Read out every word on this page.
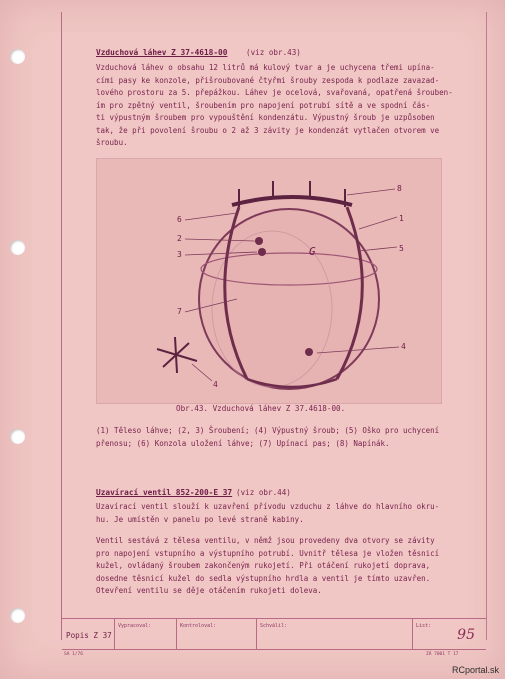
Vzduchová láhev Z 37-4618-00 (viz obr.43)
Vzduchová láhev o obsahu 12 litrů má kulový tvar a je uchycena třemi upína-
cími pasy ke konzole, přišroubované čtyřmi šrouby zespoda k podlaze zavazad-
lového prostoru za 5. přepážkou. Láhev je ocelová, svařovaná, opatřená šrouben-
ím pro zpětný ventil, šroubením pro napojení potrubí sítě a ve spodní čás-
ti výpustným šroubem pro vypouštění kondenzátu. Výpustný šroub je uzpůsoben
tak, že při povolení šroubu o 2 až 3 závity je kondenzát vytlačen otvorem ve
šroubu.
8
6
2
3
7
4
1
5
4
G
Obr.43. Vzduchová láhev Z 37.4618-00.
(1) Těleso láhve; (2, 3) Šroubení; (4) Výpustný šroub; (5) Oško pro uchycení
přenosu; (6) Konzola uložení láhve; (7) Upínací pas; (8) Napínák.
Uzavírací ventil 852-200-E 37 (viz obr.44)
Uzavírací ventil slouží k uzavření přívodu vzduchu z láhve do hlavního okru-
hu. Je umístěn v panelu po levé straně kabiny.
Ventil sestává z tělesa ventilu, v němž jsou provedeny dva otvory se závity
pro napojení vstupního a výstupního potrubí. Uvnitř tělesa je vložen těsnicí
kužel, ovládaný šroubem zakončeným rukojetí. Při otáčení rukojetí doprava,
dosedne těsnicí kužel do sedla výstupního hrdla a ventil je tímto uzavřen.
Otevření ventilu se děje otáčením rukojeti doleva.
Popis Z 37
Vypracoval:	Kontroloval:	Schválil:	List:
95
SA 1/76	ZÁ 7001 T 17
RCportal.sk
